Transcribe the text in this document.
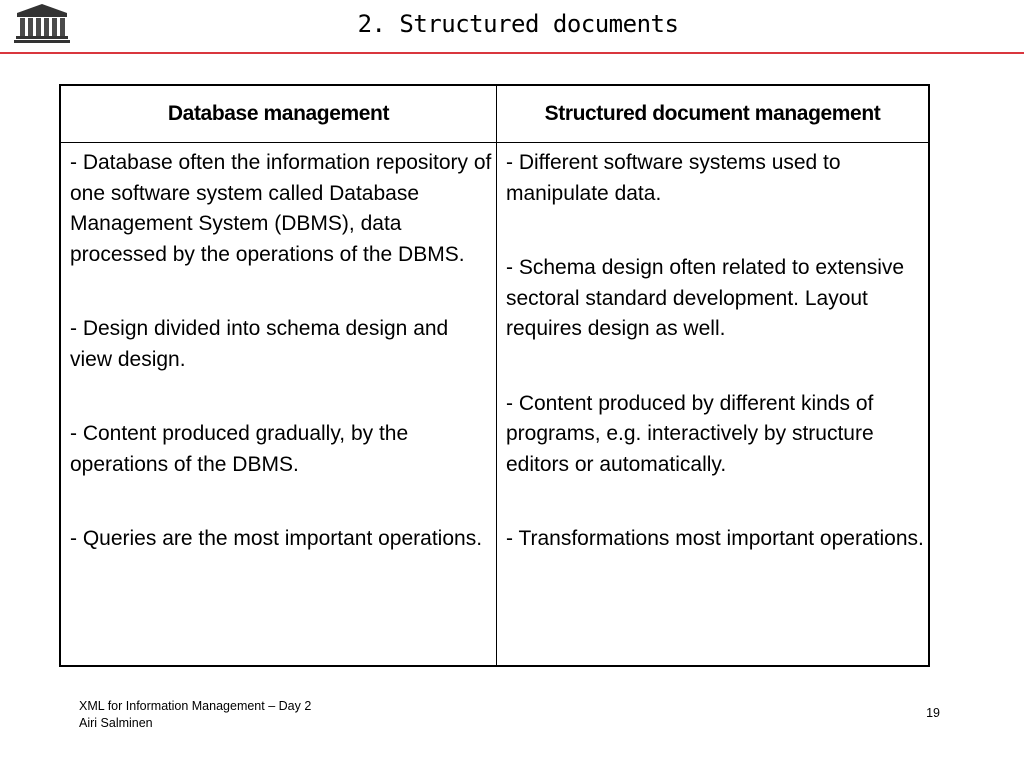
2. Structured documents
Database management	Structured document management

- Database often the information repository of one software system called Database Management System (DBMS), data processed by the operations of the DBMS.

- Design divided into schema design and view design.

- Content produced gradually, by the operations of the DBMS.

- Queries are the most important operations.

- Different software systems used to manipulate data.

- Schema design often related to extensive sectoral standard development. Layout requires design as well.

- Content produced by different kinds of programs, e.g. interactively by structure editors or automatically.

- Transformations most important operations.

XML for Information Management – Day 2
Airi Salminen
19
